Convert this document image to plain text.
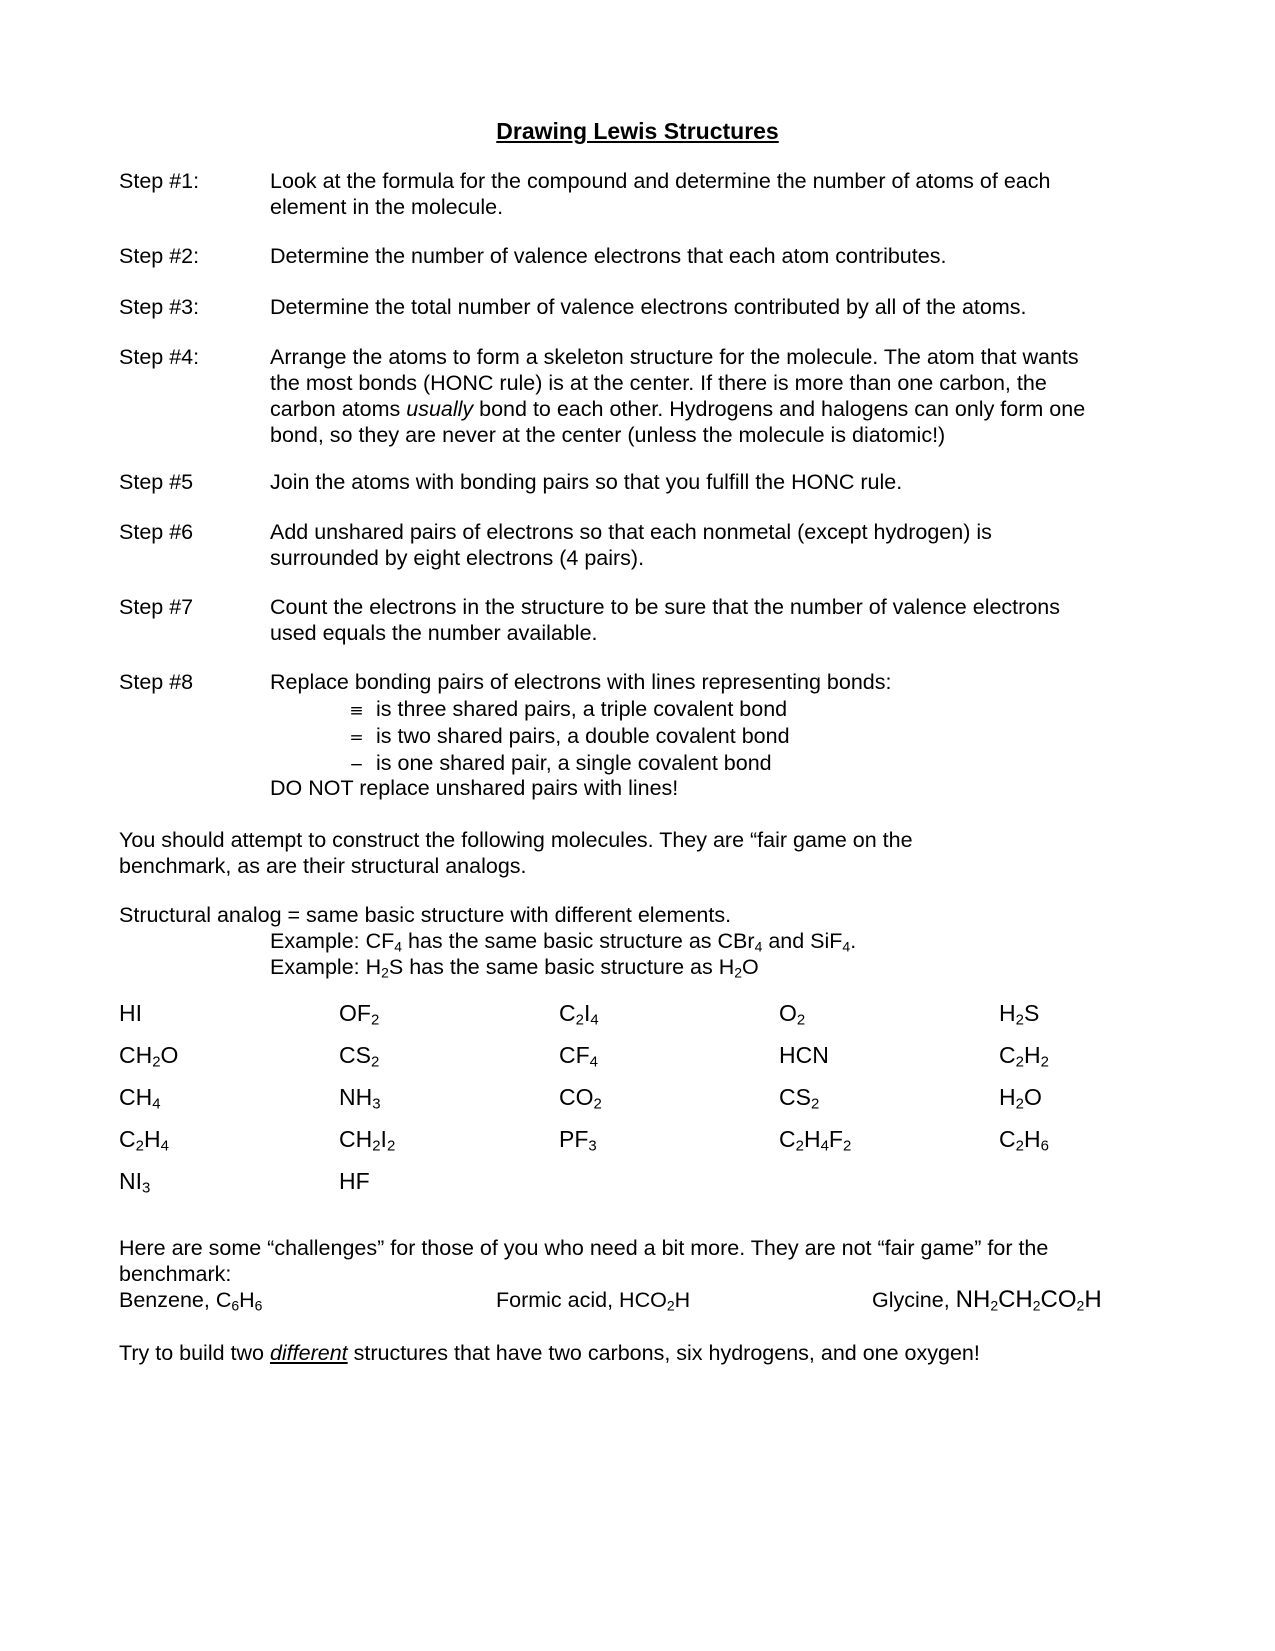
Drawing Lewis Structures
Step #1:	Look at the formula for the compound and determine the number of atoms of each
element in the molecule.
Step #2:	Determine the number of valence electrons that each atom contributes.
Step #3:	Determine the total number of valence electrons contributed by all of the atoms.
Step #4:	Arrange the atoms to form a skeleton structure for the molecule. The atom that wants
the most bonds (HONC rule) is at the center. If there is more than one carbon, the
carbon atoms usually bond to each other. Hydrogens and halogens can only form one
bond, so they are never at the center (unless the molecule is diatomic!)
Step #5	Join the atoms with bonding pairs so that you fulfill the HONC rule.
Step #6	Add unshared pairs of electrons so that each nonmetal (except hydrogen) is
surrounded by eight electrons (4 pairs).
Step #7	Count the electrons in the structure to be sure that the number of valence electrons
used equals the number available.
Step #8	Replace bonding pairs of electrons with lines representing bonds:
≡ is three shared pairs, a triple covalent bond
= is two shared pairs, a double covalent bond
− is one shared pair, a single covalent bond
DO NOT replace unshared pairs with lines!
You should attempt to construct the following molecules. They are “fair game on the
benchmark, as are their structural analogs.
Structural analog = same basic structure with different elements.
Example: $CF_4$ has the same basic structure as CBr$_4$ and SiF$_4$.
Example: $H_2S$ has the same basic structure as $H_2O$
HI	$OF_2$	$C_2I_4$	$O_2$	$H_2S$
$CH_2O$	$CS_2$	$CF_4$	HCN	$C_2H_2$
$CH_4$	$NH_3$	$CO_2$	$CS_2$	$H_2O$
$C_2H_4$	$CH_2I_2$	$PF_3$	$C_2H_4F_2$	$C_2H_6$
$NI_3$	HF
Here are some “challenges” for those of you who need a bit more. They are not “fair game” for the
benchmark:
Benzene, $C_6H_6$	Formic acid, $HCO_2H$	Glycine, $NH_2CH_2CO_2H$
Try to build two different structures that have two carbons, six hydrogens, and one oxygen!
